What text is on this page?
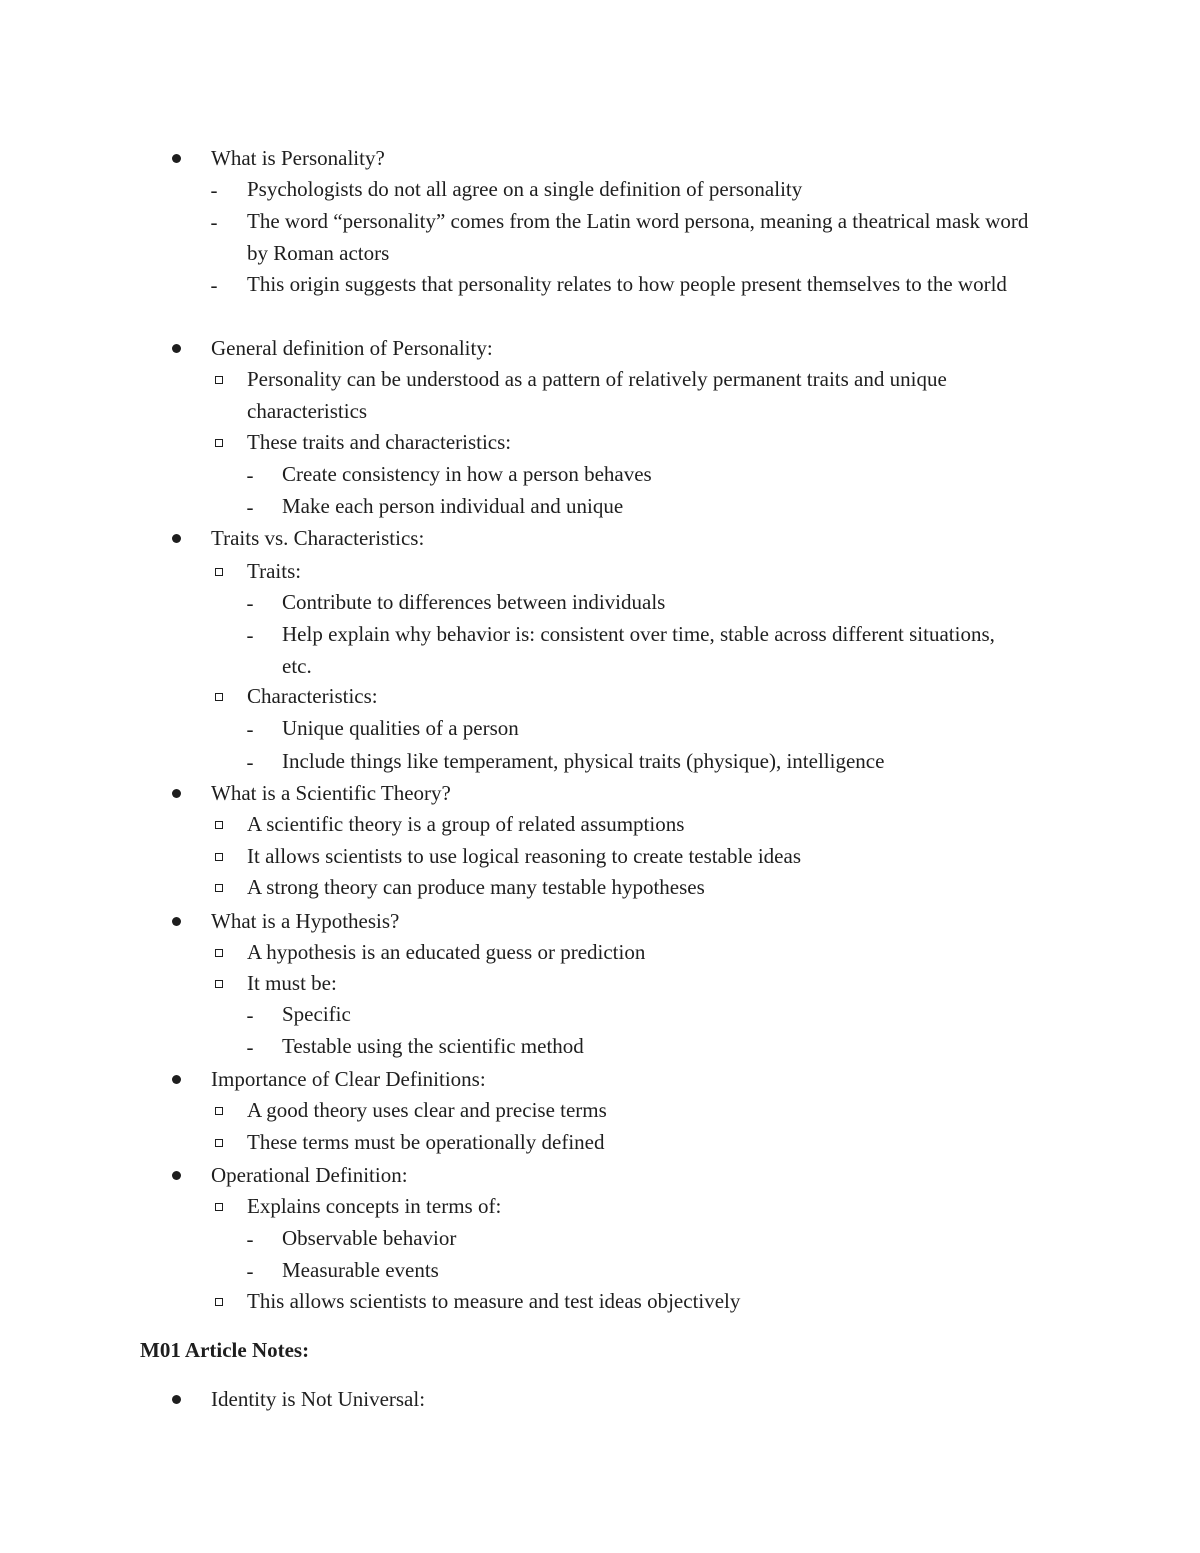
What is Personality?
- Psychologists do not all agree on a single definition of personality
- The word “personality” comes from the Latin word persona, meaning a theatrical mask word by Roman actors
- This origin suggests that personality relates to how people present themselves to the world
General definition of Personality:
Personality can be understood as a pattern of relatively permanent traits and unique characteristics
These traits and characteristics:
- Create consistency in how a person behaves
- Make each person individual and unique
Traits vs. Characteristics:
Traits:
- Contribute to differences between individuals
- Help explain why behavior is: consistent over time, stable across different situations, etc.
Characteristics:
- Unique qualities of a person
- Include things like temperament, physical traits (physique), intelligence
What is a Scientific Theory?
A scientific theory is a group of related assumptions
It allows scientists to use logical reasoning to create testable ideas
A strong theory can produce many testable hypotheses
What is a Hypothesis?
A hypothesis is an educated guess or prediction
It must be:
- Specific
- Testable using the scientific method
Importance of Clear Definitions:
A good theory uses clear and precise terms
These terms must be operationally defined
Operational Definition:
Explains concepts in terms of:
- Observable behavior
- Measurable events
This allows scientists to measure and test ideas objectively
M01 Article Notes:
Identity is Not Universal:
